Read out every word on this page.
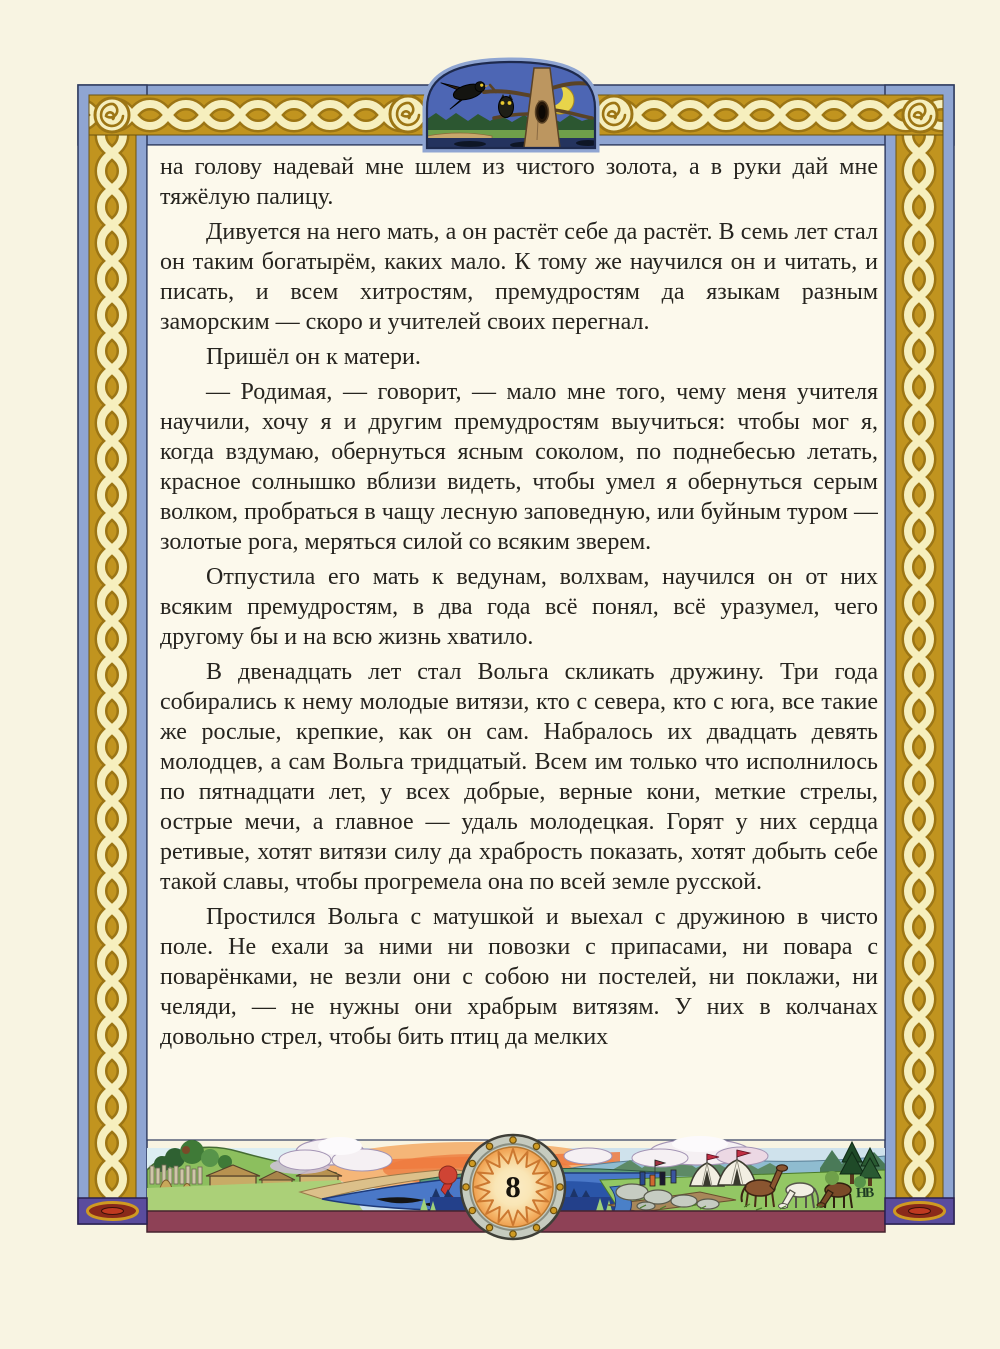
на голову надевай мне шлем из чистого золота, а в руки дай мне тяжёлую палицу.

Дивуется на него мать, а он растёт себе да растёт. В семь лет стал он таким богатырём, каких мало. К тому же научился он и читать, и писать, и всем хитростям, премудростям да языкам разным заморским — скоро и учителей своих перегнал.

Пришёл он к матери.

— Родимая, — говорит, — мало мне того, чему меня учителя научили, хочу я и другим премудростям выучиться: чтобы мог я, когда вздумаю, обернуться ясным соколом, по поднебесью летать, красное солнышко вблизи видеть, чтобы умел я обернуться серым волком, пробраться в чащу лесную заповедную, или буйным туром — золотые рога, меряться силой со всяким зверем.

Отпустила его мать к ведунам, волхвам, научился он от них всяким премудростям, в два года всё понял, всё уразумел, чего другому бы и на всю жизнь хватило.

В двенадцать лет стал Вольга скликать дружину. Три года собирались к нему молодые витязи, кто с севера, кто с юга, все такие же рослые, крепкие, как он сам. Набралось их двадцать девять молодцев, а сам Вольга тридцатый. Всем им только что исполнилось по пятнадцати лет, у всех добрые, верные кони, меткие стрелы, острые мечи, а главное — удаль молодецкая. Горят у них сердца ретивые, хотят витязи силу да храбрость показать, хотят добыть себе такой славы, чтобы прогремела она по всей земле русской.

Простился Вольга с матушкой и выехал с дружиною в чисто поле. Не ехали за ними ни повозки с припасами, ни повара с поварёнками, не везли они с собою ни постелей, ни поклажи, ни челяди, — не нужны они храбрым витязям. У них в колчанах довольно стрел, чтобы бить птиц да мелких

8	НВ
